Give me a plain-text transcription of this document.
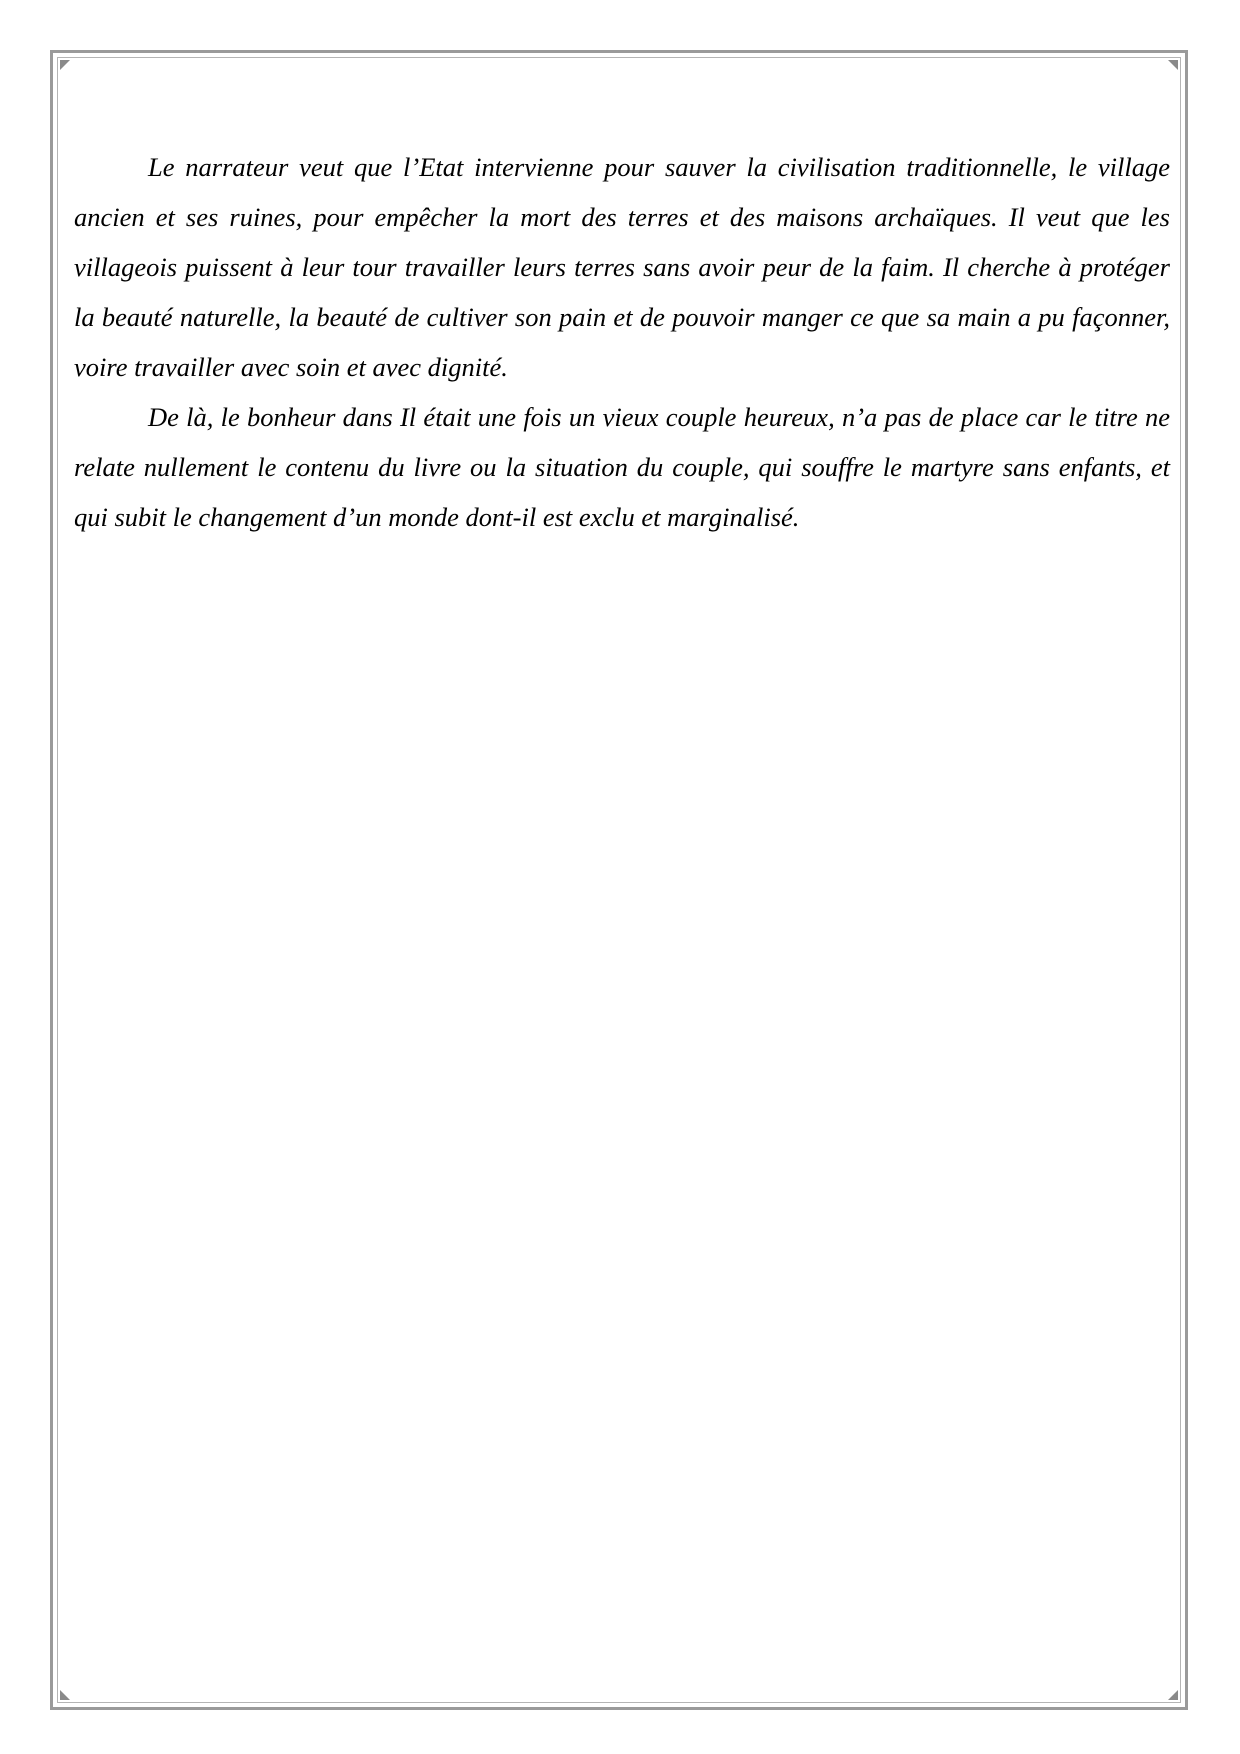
Le narrateur veut que l’Etat intervienne pour sauver la civilisation traditionnelle, le village ancien et ses ruines, pour empêcher la mort des terres et des maisons archaïques. Il veut que les villageois puissent à leur tour travailler leurs terres sans avoir peur de la faim. Il cherche à protéger la beauté naturelle, la beauté de cultiver son pain et de pouvoir manger ce que sa main a pu façonner, voire travailler avec soin et avec dignité.

De là, le bonheur dans Il était une fois un vieux couple heureux, n’a pas de place car le titre ne relate nullement le contenu du livre ou la situation du couple, qui souffre le martyre sans enfants, et qui subit le changement d’un monde dont-il est exclu et marginalisé.
